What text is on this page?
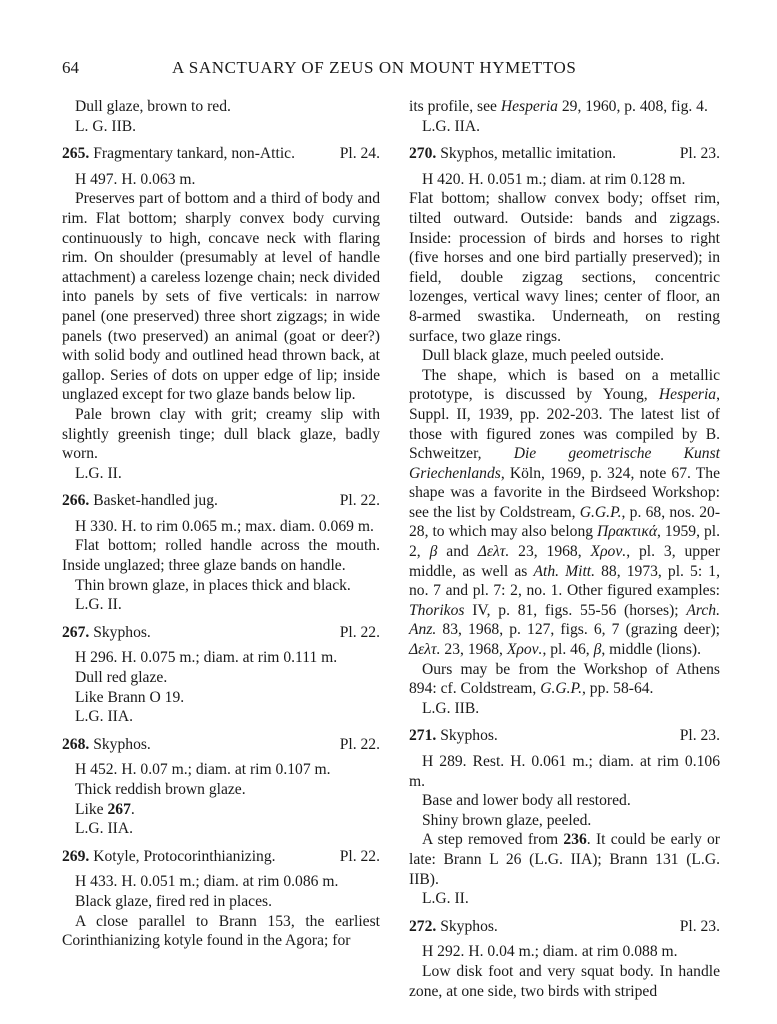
64	A SANCTUARY OF ZEUS ON MOUNT HYMETTOS

Dull glaze, brown to red.

L. G. IIB.

265. Fragmentary tankard, non-Attic.	Pl. 24.

H 497. H. 0.063 m.

Preserves part of bottom and a third of body and rim. Flat bottom; sharply convex body curving continuously to high, concave neck with flaring rim. On shoulder (presumably at level of handle attachment) a careless lozenge chain; neck divided into panels by sets of five verticals: in narrow panel (one preserved) three short zigzags; in wide panels (two preserved) an animal (goat or deer?) with solid body and outlined head thrown back, at gallop. Series of dots on upper edge of lip; inside unglazed except for two glaze bands below lip.

Pale brown clay with grit; creamy slip with slightly greenish tinge; dull black glaze, badly worn.

L.G. II.

266. Basket-handled jug.	Pl. 22.

H 330. H. to rim 0.065 m.; max. diam. 0.069 m.

Flat bottom; rolled handle across the mouth. Inside unglazed; three glaze bands on handle.

Thin brown glaze, in places thick and black.

L.G. II.

267. Skyphos.	Pl. 22.

H 296. H. 0.075 m.; diam. at rim 0.111 m.

Dull red glaze.

Like Brann O 19.

L.G. IIA.

268. Skyphos.	Pl. 22.

H 452. H. 0.07 m.; diam. at rim 0.107 m.

Thick reddish brown glaze.

Like 267.

L.G. IIA.

269. Kotyle, Protocorinthianizing.	Pl. 22.

H 433. H. 0.051 m.; diam. at rim 0.086 m.

Black glaze, fired red in places.

A close parallel to Brann 153, the earliest Corinthianizing kotyle found in the Agora; for

its profile, see Hesperia 29, 1960, p. 408, fig. 4.

L.G. IIA.

270. Skyphos, metallic imitation.	Pl. 23.

H 420. H. 0.051 m.; diam. at rim 0.128 m.

Flat bottom; shallow convex body; offset rim, tilted outward. Outside: bands and zigzags. Inside: procession of birds and horses to right (five horses and one bird partially preserved); in field, double zigzag sections, concentric lozenges, vertical wavy lines; center of floor, an 8-armed swastika. Underneath, on resting surface, two glaze rings.

Dull black glaze, much peeled outside.

The shape, which is based on a metallic prototype, is discussed by Young, Hesperia, Suppl. II, 1939, pp. 202-203. The latest list of those with figured zones was compiled by B. Schweitzer, Die geometrische Kunst Griechenlands, Köln, 1969, p. 324, note 67. The shape was a favorite in the Birdseed Workshop: see the list by Coldstream, G.G.P., p. 68, nos. 20-28, to which may also belong Πρακτικά, 1959, pl. 2, β and Δελτ. 23, 1968, Χρον., pl. 3, upper middle, as well as Ath. Mitt. 88, 1973, pl. 5: 1, no. 7 and pl. 7: 2, no. 1. Other figured examples: Thorikos IV, p. 81, figs. 55-56 (horses); Arch. Anz. 83, 1968, p. 127, figs. 6, 7 (grazing deer); Δελτ. 23, 1968, Χρον., pl. 46, β, middle (lions).

Ours may be from the Workshop of Athens 894: cf. Coldstream, G.G.P., pp. 58-64.

L.G. IIB.

271. Skyphos.	Pl. 23.

H 289. Rest. H. 0.061 m.; diam. at rim 0.106 m.

Base and lower body all restored.

Shiny brown glaze, peeled.

A step removed from 236. It could be early or late: Brann L 26 (L.G. IIA); Brann 131 (L.G. IIB).

L.G. II.

272. Skyphos.	Pl. 23.

H 292. H. 0.04 m.; diam. at rim 0.088 m.

Low disk foot and very squat body. In handle zone, at one side, two birds with striped
